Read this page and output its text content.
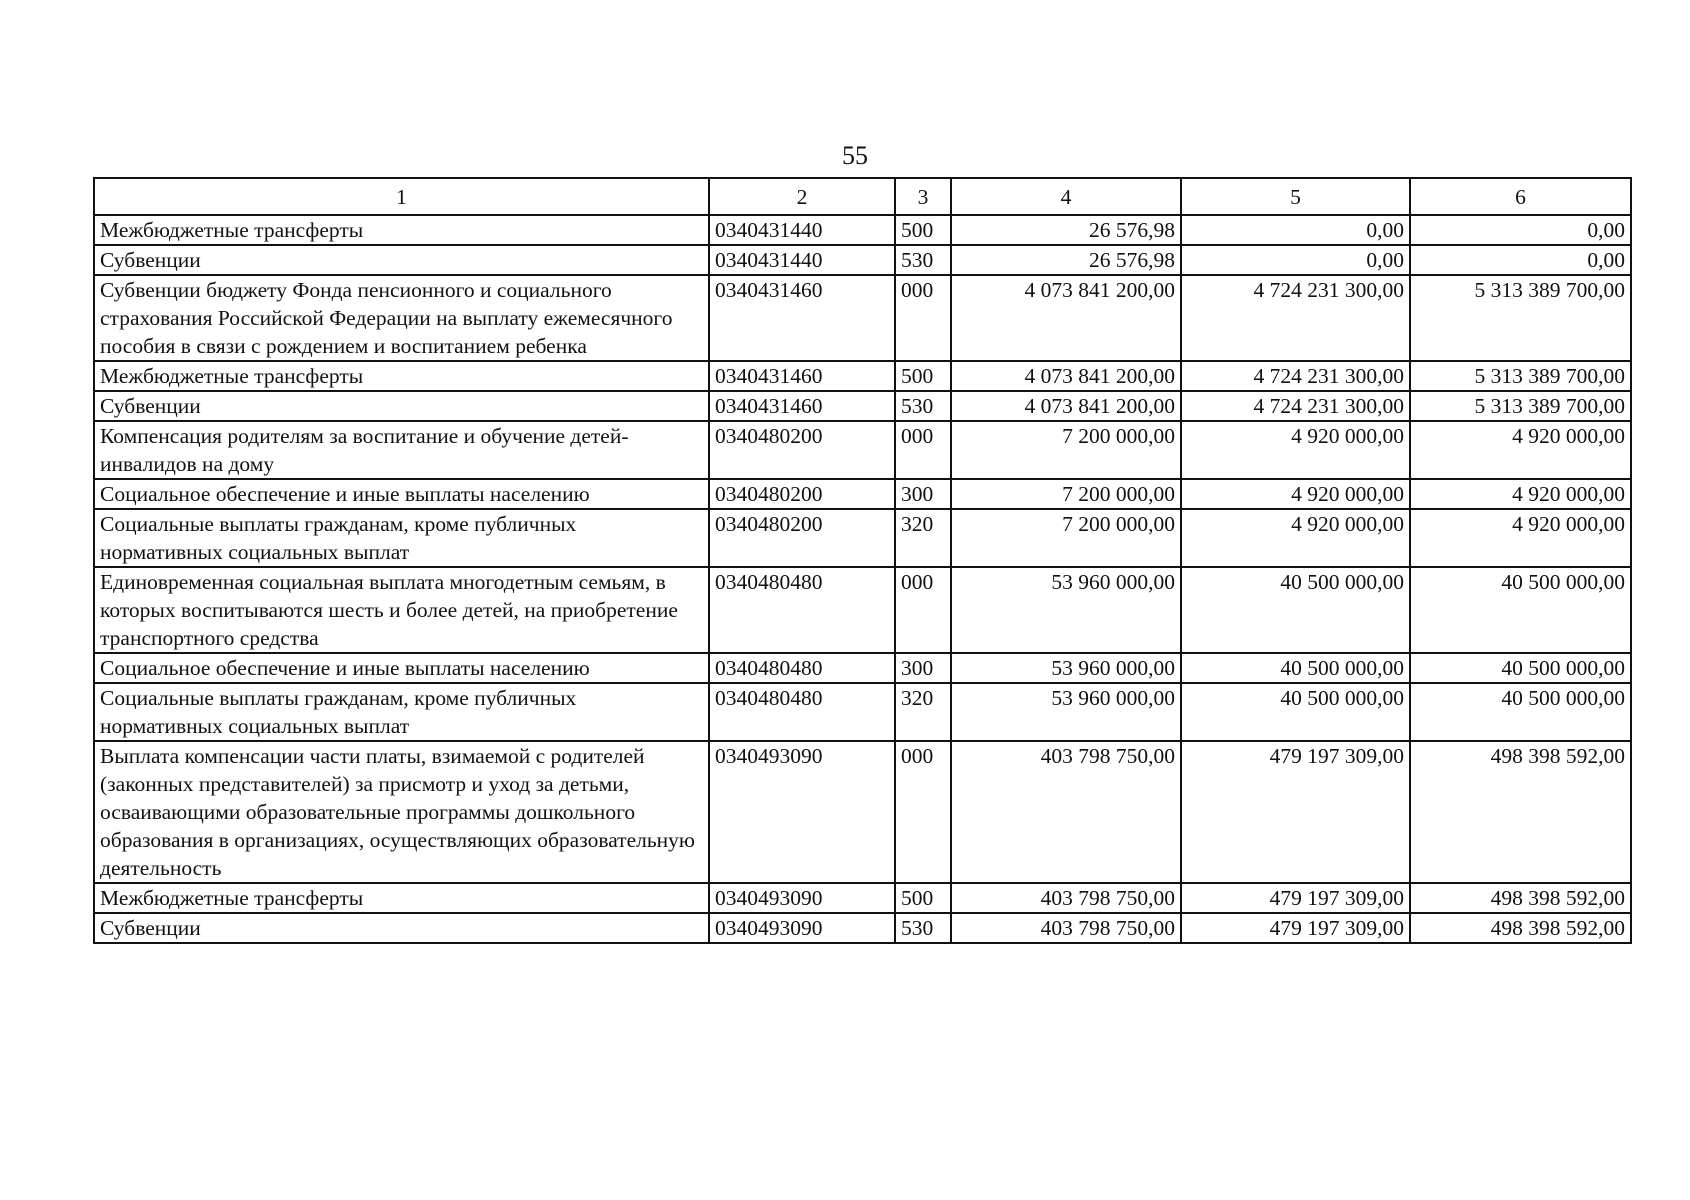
55
1	2	3	4	5	6
Межбюджетные трансферты	0340431440	500	26 576,98	0,00	0,00
Субвенции	0340431440	530	26 576,98	0,00	0,00
Субвенции бюджету Фонда пенсионного и социального страхования Российской Федерации на выплату ежемесячного пособия в связи с рождением и воспитанием ребенка	0340431460	000	4 073 841 200,00	4 724 231 300,00	5 313 389 700,00
Межбюджетные трансферты	0340431460	500	4 073 841 200,00	4 724 231 300,00	5 313 389 700,00
Субвенции	0340431460	530	4 073 841 200,00	4 724 231 300,00	5 313 389 700,00
Компенсация родителям за воспитание и обучение детей-инвалидов на дому	0340480200	000	7 200 000,00	4 920 000,00	4 920 000,00
Социальное обеспечение и иные выплаты населению	0340480200	300	7 200 000,00	4 920 000,00	4 920 000,00
Социальные выплаты гражданам, кроме публичных нормативных социальных выплат	0340480200	320	7 200 000,00	4 920 000,00	4 920 000,00
Единовременная социальная выплата многодетным семьям, в которых воспитываются шесть и более детей, на приобретение транспортного средства	0340480480	000	53 960 000,00	40 500 000,00	40 500 000,00
Социальное обеспечение и иные выплаты населению	0340480480	300	53 960 000,00	40 500 000,00	40 500 000,00
Социальные выплаты гражданам, кроме публичных нормативных социальных выплат	0340480480	320	53 960 000,00	40 500 000,00	40 500 000,00
Выплата компенсации части платы, взимаемой с родителей (законных представителей) за присмотр и уход за детьми, осваивающими образовательные программы дошкольного образования в организациях, осуществляющих образовательную деятельность	0340493090	000	403 798 750,00	479 197 309,00	498 398 592,00
Межбюджетные трансферты	0340493090	500	403 798 750,00	479 197 309,00	498 398 592,00
Субвенции	0340493090	530	403 798 750,00	479 197 309,00	498 398 592,00
